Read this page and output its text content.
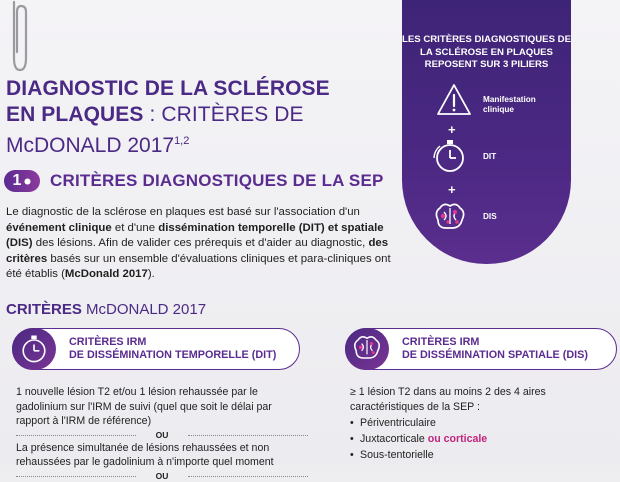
DIAGNOSTIC DE LA SCLÉROSE
EN PLAQUES : CRITÈRES DE
McDONALD 2017$^{1,2}$
1 CRITÈRES DIAGNOSTIQUES DE LA SEP

Le diagnostic de la sclérose en plaques est basé sur l'association d'un événement clinique et d'une dissémination temporelle (DIT) et spatiale (DIS) des lésions. Afin de valider ces prérequis et d'aider au diagnostic, des critères basés sur un ensemble d'évaluations cliniques et para-cliniques ont été établis (McDonald 2017).

CRITÈRES McDONALD 2017
LES CRITÈRES DIAGNOSTIQUES DE LA SCLÉROSE EN PLAQUES REPOSENT SUR 3 PILIERS
Manifestation clinique
+
DIT
+
DIS
CRITÈRES IRM
DE DISSÉMINATION TEMPORELLE (DIT)
1 nouvelle lésion T2 et/ou 1 lésion rehaussée par le gadolinium sur l'IRM de suivi (quel que soit le délai par rapport à l'IRM de référence)
OU
La présence simultanée de lésions rehaussées et non rehaussées par le gadolinium à n'importe quel moment
OU
CRITÈRES IRM
DE DISSÉMINATION SPATIALE (DIS)
≥ 1 lésion T2 dans au moins 2 des 4 aires caractéristiques de la SEP :
• Périventriculaire
• Juxtacorticale ou corticale
• Sous-tentorielle
